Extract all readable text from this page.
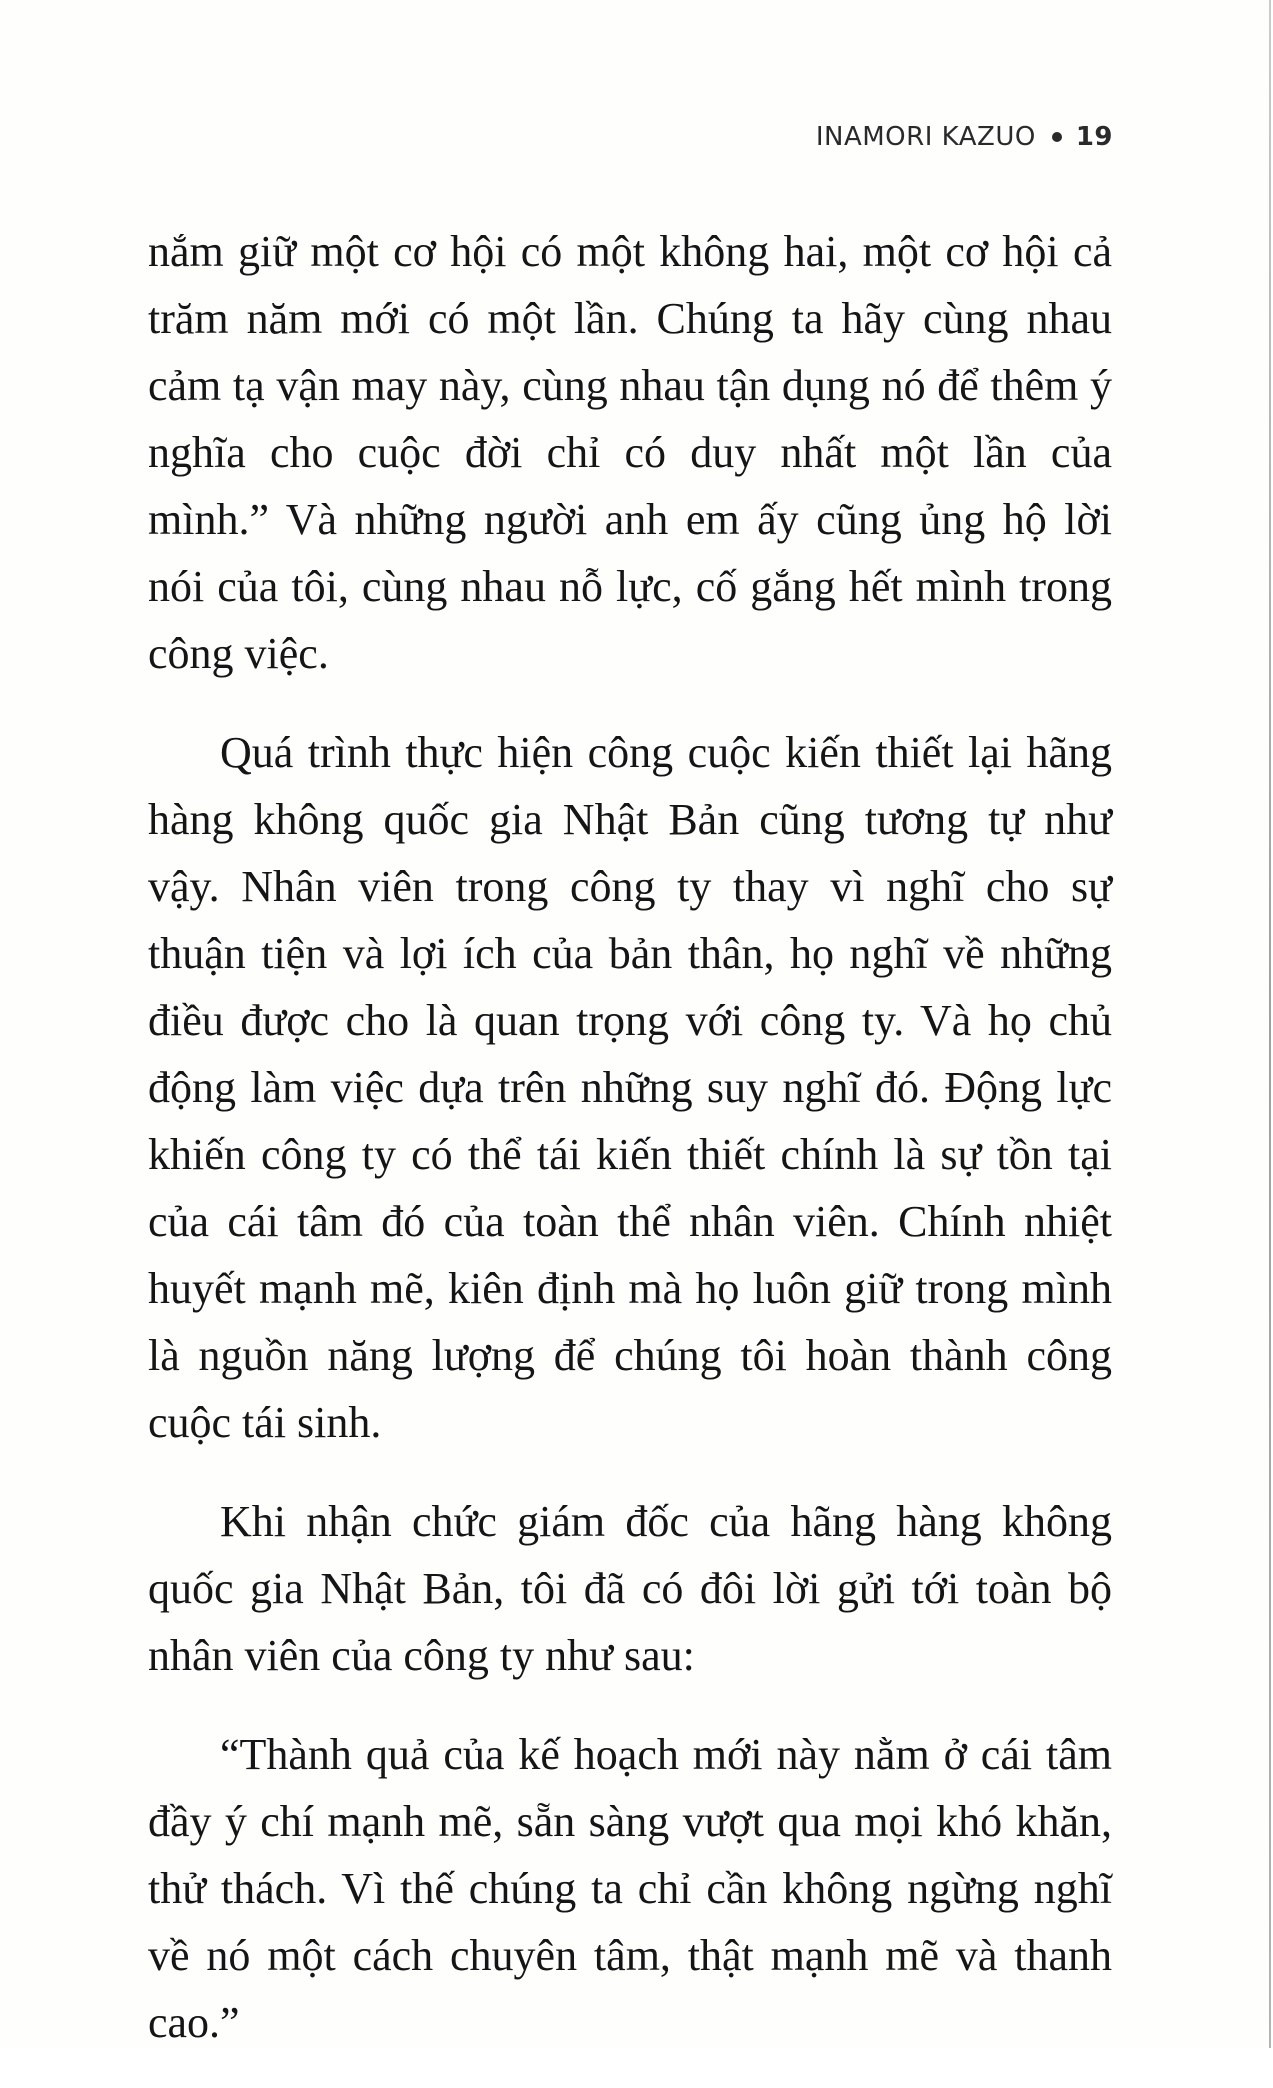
INAMORI KAZUO 19

nắm giữ một cơ hội có một không hai, một cơ hội cả trăm năm mới có một lần. Chúng ta hãy cùng nhau cảm tạ vận may này, cùng nhau tận dụng nó để thêm ý nghĩa cho cuộc đời chỉ có duy nhất một lần của mình.” Và những người anh em ấy cũng ủng hộ lời nói của tôi, cùng nhau nỗ lực, cố gắng hết mình trong công việc.

Quá trình thực hiện công cuộc kiến thiết lại hãng hàng không quốc gia Nhật Bản cũng tương tự như vậy. Nhân viên trong công ty thay vì nghĩ cho sự thuận tiện và lợi ích của bản thân, họ nghĩ về những điều được cho là quan trọng với công ty. Và họ chủ động làm việc dựa trên những suy nghĩ đó. Động lực khiến công ty có thể tái kiến thiết chính là sự tồn tại của cái tâm đó của toàn thể nhân viên. Chính nhiệt huyết mạnh mẽ, kiên định mà họ luôn giữ trong mình là nguồn năng lượng để chúng tôi hoàn thành công cuộc tái sinh.

Khi nhận chức giám đốc của hãng hàng không quốc gia Nhật Bản, tôi đã có đôi lời gửi tới toàn bộ nhân viên của công ty như sau:

“Thành quả của kế hoạch mới này nằm ở cái tâm đầy ý chí mạnh mẽ, sẵn sàng vượt qua mọi khó khăn, thử thách. Vì thế chúng ta chỉ cần không ngừng nghĩ về nó một cách chuyên tâm, thật mạnh mẽ và thanh cao.”
